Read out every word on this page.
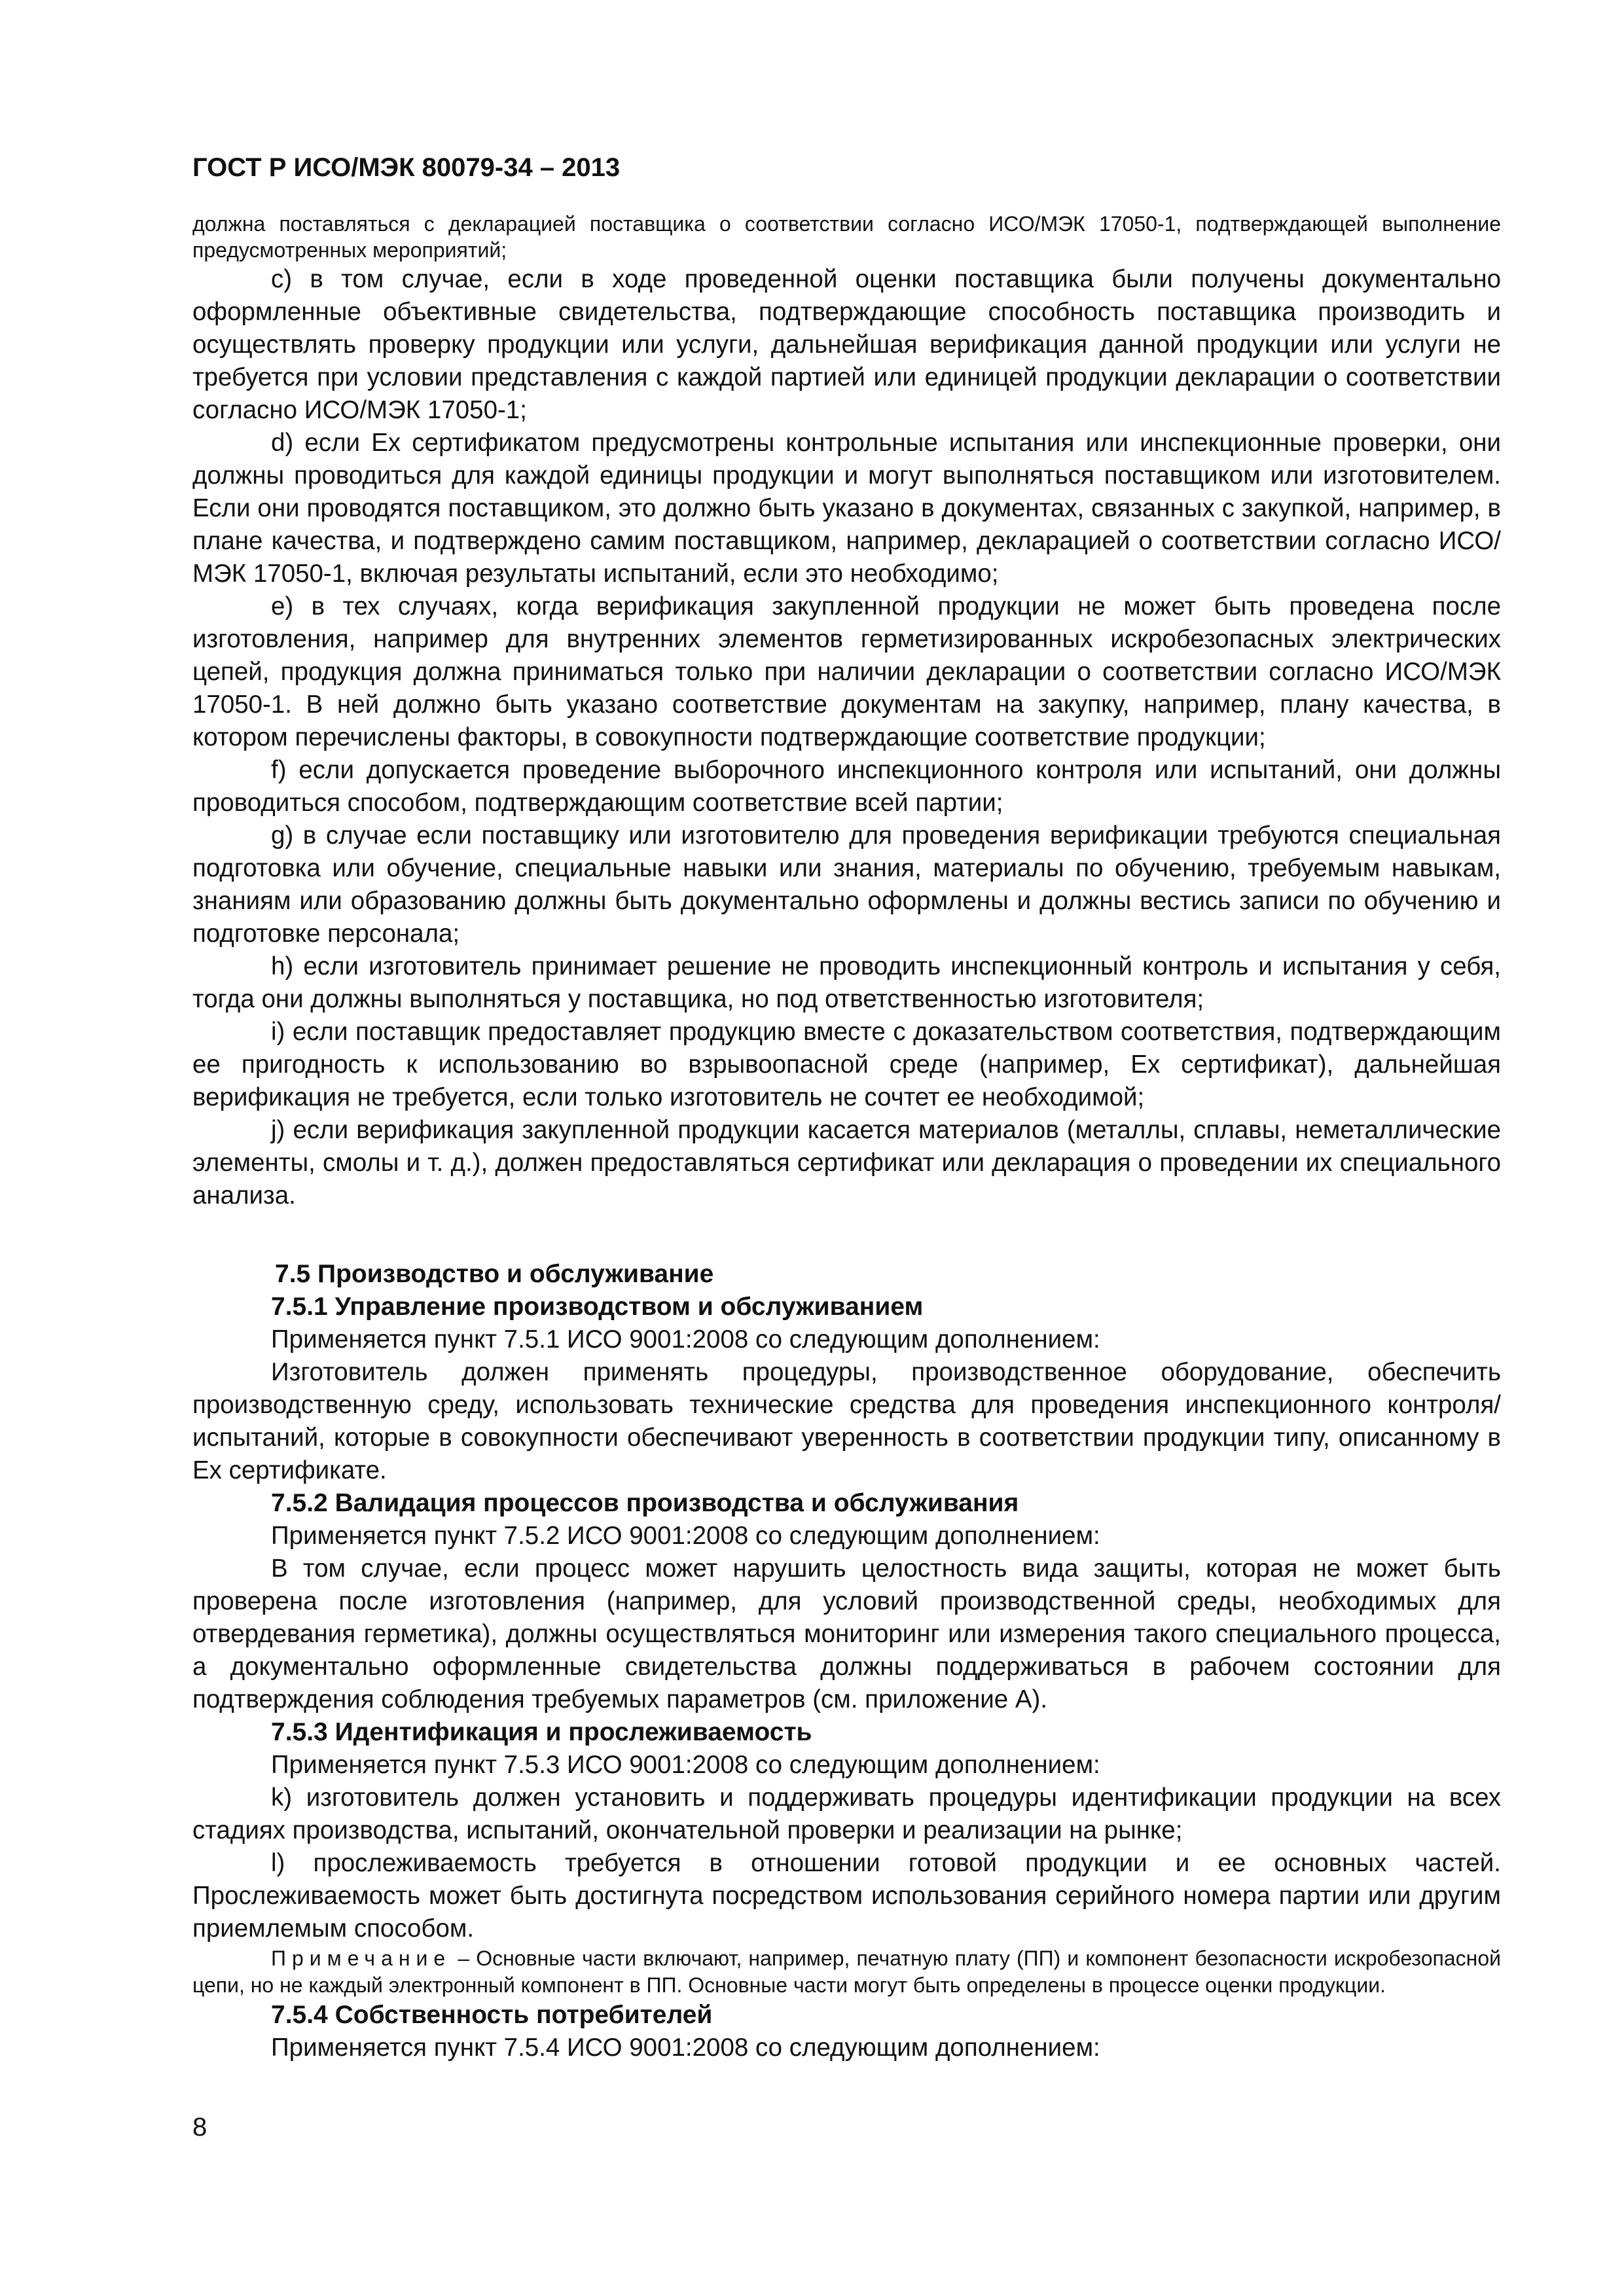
ГОСТ Р ИСО/МЭК 80079-34 – 2013

должна поставляться с декларацией поставщика о соответствии согласно ИСО/МЭК 17050-1, подтверждающей выполнение предусмотренных мероприятий;

c) в том случае, если в ходе проведенной оценки поставщика были получены документально оформленные объективные свидетельства, подтверждающие способность поставщика производить и осуществлять проверку продукции или услуги, дальнейшая верификация данной продукции или услуги не требуется при условии представления с каждой партией или единицей продукции декларации о соответствии согласно ИСО/МЭК 17050-1;

d) если Ex сертификатом предусмотрены контрольные испытания или инспекционные проверки, они должны проводиться для каждой единицы продукции и могут выполняться поставщиком или изготовителем. Если они проводятся поставщиком, это должно быть указано в документах, связанных с закупкой, например, в плане качества, и подтверждено самим поставщиком, например, декларацией о соответствии согласно ИСО/МЭК 17050-1, включая результаты испытаний, если это необходимо;

e) в тех случаях, когда верификация закупленной продукции не может быть проведена после изготовления, например для внутренних элементов герметизированных искробезопасных электрических цепей, продукция должна приниматься только при наличии декларации о соответствии согласно ИСО/МЭК 17050-1. В ней должно быть указано соответствие документам на закупку, например, плану качества, в котором перечислены факторы, в совокупности подтверждающие соответствие продукции;

f) если допускается проведение выборочного инспекционного контроля или испытаний, они должны проводиться способом, подтверждающим соответствие всей партии;

g) в случае если поставщику или изготовителю для проведения верификации требуются специальная подготовка или обучение, специальные навыки или знания, материалы по обучению, требуемым навыкам, знаниям или образованию должны быть документально оформлены и должны вестись записи по обучению и подготовке персонала;

h) если изготовитель принимает решение не проводить инспекционный контроль и испытания у себя, тогда они должны выполняться у поставщика, но под ответственностью изготовителя;

i) если поставщик предоставляет продукцию вместе с доказательством соответствия, подтверждающим ее пригодность к использованию во взрывоопасной среде (например, Ex сертификат), дальнейшая верификация не требуется, если только изготовитель не сочтет ее необходимой;

j) если верификация закупленной продукции касается материалов (металлы, сплавы, неметаллические элементы, смолы и т. д.), должен предоставляться сертификат или декларация о проведении их специального анализа.

7.5 Производство и обслуживание

7.5.1 Управление производством и обслуживанием

Применяется пункт 7.5.1 ИСО 9001:2008 со следующим дополнением:

Изготовитель должен применять процедуры, производственное оборудование, обеспечить производственную среду, использовать технические средства для проведения инспекционного контроля/испытаний, которые в совокупности обеспечивают уверенность в соответствии продукции типу, описанному в Ex сертификате.

7.5.2 Валидация процессов производства и обслуживания

Применяется пункт 7.5.2 ИСО 9001:2008 со следующим дополнением:

В том случае, если процесс может нарушить целостность вида защиты, которая не может быть проверена после изготовления (например, для условий производственной среды, необходимых для отвердевания герметика), должны осуществляться мониторинг или измерения такого специального процесса, а документально оформленные свидетельства должны поддерживаться в рабочем состоянии для подтверждения соблюдения требуемых параметров (см. приложение А).

7.5.3 Идентификация и прослеживаемость

Применяется пункт 7.5.3 ИСО 9001:2008 со следующим дополнением:

k) изготовитель должен установить и поддерживать процедуры идентификации продукции на всех стадиях производства, испытаний, окончательной проверки и реализации на рынке;

l) прослеживаемость требуется в отношении готовой продукции и ее основных частей. Прослеживаемость может быть достигнута посредством использования серийного номера партии или другим приемлемым способом.

Примечание – Основные части включают, например, печатную плату (ПП) и компонент безопасности искробезопасной цепи, но не каждый электронный компонент в ПП. Основные части могут быть определены в процессе оценки продукции.

7.5.4 Собственность потребителей

Применяется пункт 7.5.4 ИСО 9001:2008 со следующим дополнением:

8
